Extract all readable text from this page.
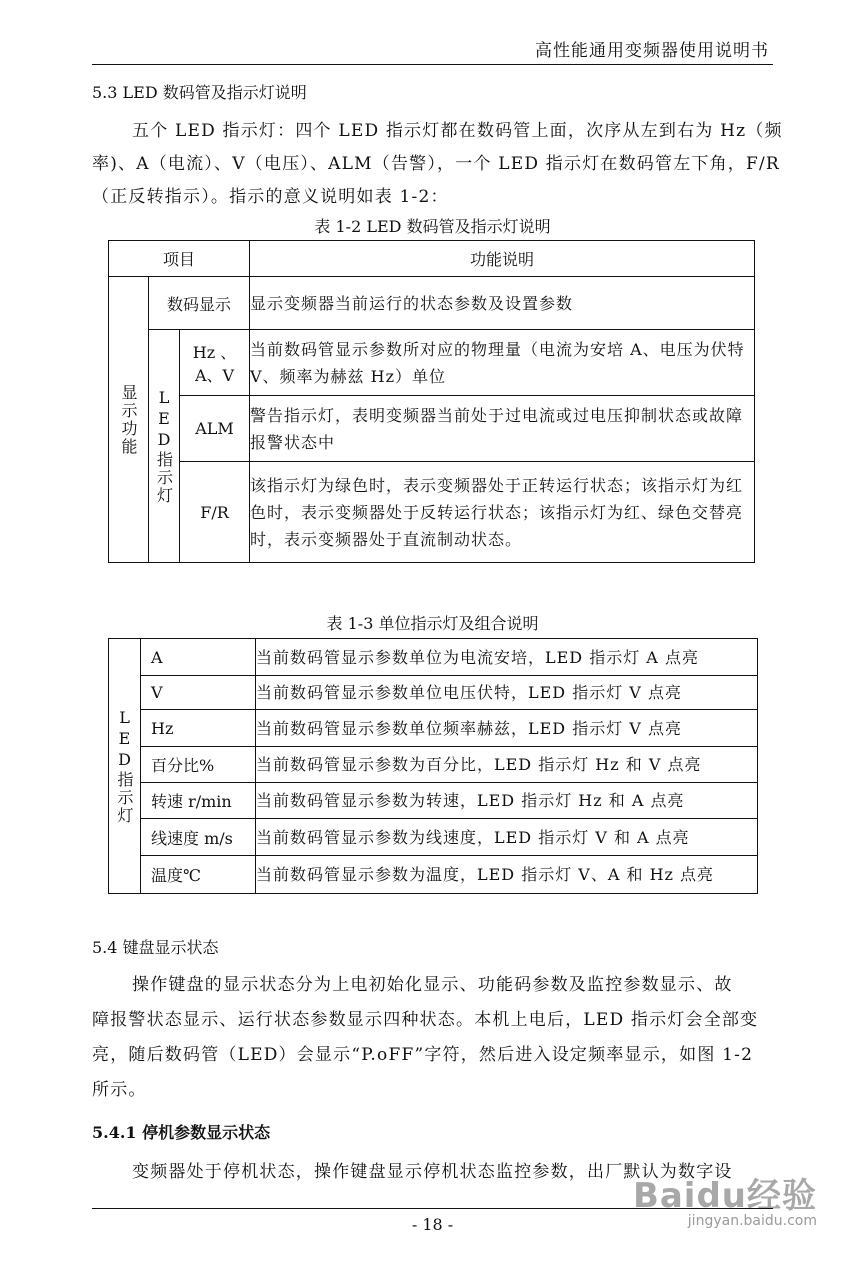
高性能通用变频器使用说明书
5.3 LED 数码管及指示灯说明
五个 LED 指示灯：四个 LED 指示灯都在数码管上面，次序从左到右为 Hz（频
率)、A（电流）、V（电压）、ALM（告警），一个 LED 指示灯在数码管左下角，F/R
（正反转指示）。指示的意义说明如表 1-2：
表 1-2 LED 数码管及指示灯说明
项目			功能说明

显示功能	数码显示		显示变频器当前运行的状态参数及设置参数

	LED指示灯	Hz 、A、V	当前数码管显示参数所对应的物理量（电流为安培 A、电压为伏特 V、频率为赫兹 Hz）单位
		ALM	警告指示灯，表明变频器当前处于过电流或过电压抑制状态或故障报警状态中
		F/R	该指示灯为绿色时，表示变频器处于正转运行状态；该指示灯为红色时，表示变频器处于反转运行状态；该指示灯为红、绿色交替亮时，表示变频器处于直流制动状态。
表 1-3 单位指示灯及组合说明
LED指示灯	A	当前数码管显示参数单位为电流安培，LED 指示灯 A 点亮
	V	当前数码管显示参数单位电压伏特，LED 指示灯 V 点亮
	Hz	当前数码管显示参数单位频率赫兹，LED 指示灯 V 点亮
	百分比%	当前数码管显示参数为百分比，LED 指示灯 Hz 和 V 点亮
	转速 r/min	当前数码管显示参数为转速，LED 指示灯 Hz 和 A 点亮
	线速度 m/s	当前数码管显示参数为线速度，LED 指示灯 V 和 A 点亮
	温度℃	当前数码管显示参数为温度，LED 指示灯 V、A 和 Hz 点亮
5.4 键盘显示状态
操作键盘的显示状态分为上电初始化显示、功能码参数及监控参数显示、故
障报警状态显示、运行状态参数显示四种状态。本机上电后，LED 指示灯会全部变
亮，随后数码管（LED）会显示“P.oFF”字符，然后进入设定频率显示，如图 1-2
所示。
5.4.1 停机参数显示状态
变频器处于停机状态，操作键盘显示停机状态监控参数，出厂默认为数字设
Baidu经验
jingyan.baidu.com
- 18 -
